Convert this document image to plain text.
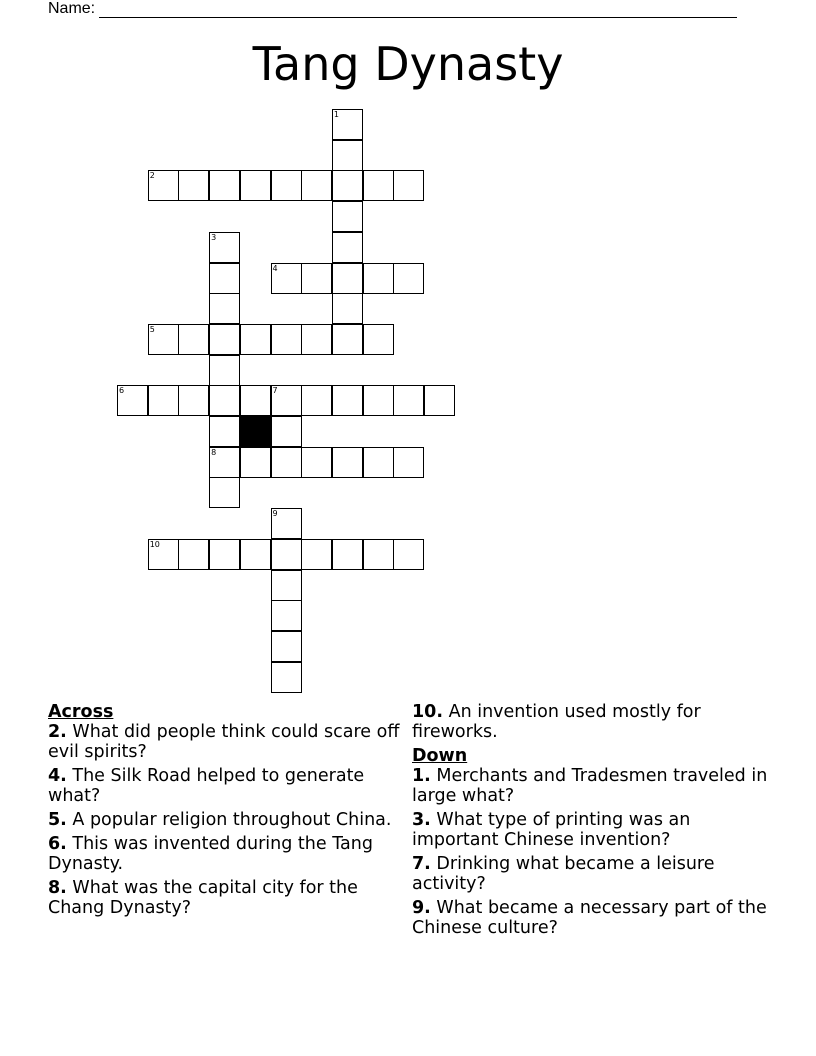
Name:
Tang Dynasty
1
2
3
4
5
6	7
8
9
10
Across
2. What did people think could scare off evil spirits?
4. The Silk Road helped to generate what?
5. A popular religion throughout China.
6. This was invented during the Tang Dynasty.
8. What was the capital city for the Chang Dynasty?
10. An invention used mostly for fireworks.
Down
1. Merchants and Tradesmen traveled in large what?
3. What type of printing was an important Chinese invention?
7. Drinking what became a leisure activity?
9. What became a necessary part of the Chinese culture?
